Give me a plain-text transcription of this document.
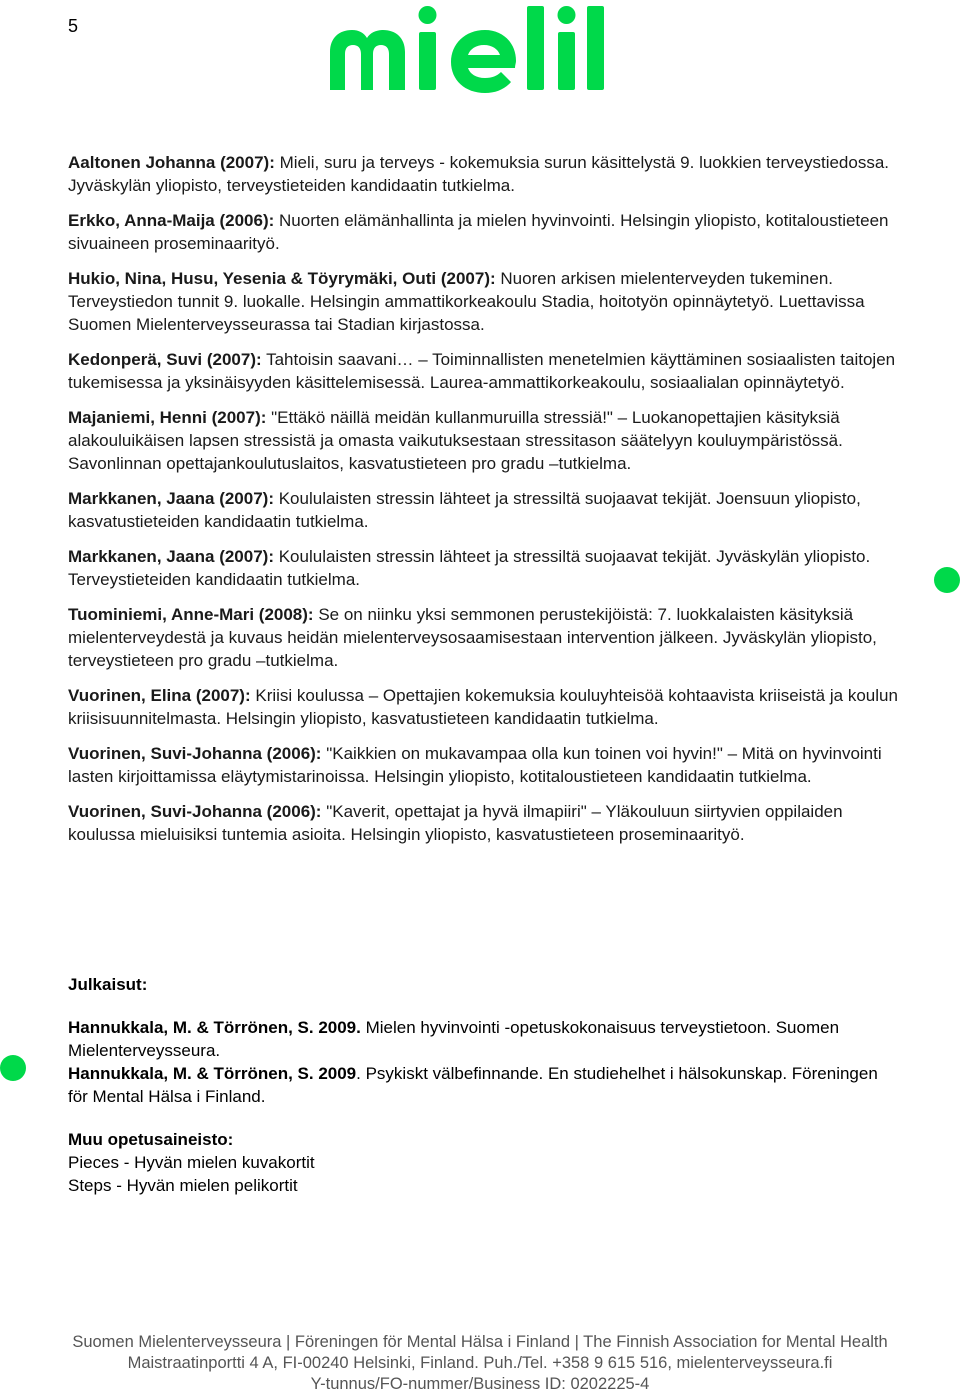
5

Aaltonen Johanna (2007): Mieli, suru ja terveys - kokemuksia surun käsittelystä 9. luokkien terveystiedossa. Jyväskylän yliopisto, terveystieteiden kandidaatin tutkielma.

Erkko, Anna-Maija (2006): Nuorten elämänhallinta ja mielen hyvinvointi. Helsingin yliopisto, kotitaloustieteen sivuaineen proseminaarityö.

Hukio, Nina, Husu, Yesenia & Töyrymäki, Outi (2007): Nuoren arkisen mielenterveyden tukeminen. Terveystiedon tunnit 9. luokalle. Helsingin ammattikorkeakoulu Stadia, hoitotyön opinnäytetyö. Luettavissa Suomen Mielenterveysseurassa tai Stadian kirjastossa.

Kedonperä, Suvi (2007): Tahtoisin saavani… – Toiminnallisten menetelmien käyttäminen sosiaalisten taitojen tukemisessa ja yksinäisyyden käsittelemisessä. Laurea-ammattikorkeakoulu, sosiaalialan opinnäytetyö.

Majaniemi, Henni (2007): "Ettäkö näillä meidän kullanmuruilla stressiä!" – Luokanopettajien käsityksiä alakouluikäisen lapsen stressistä ja omasta vaikutuksestaan stressitason säätelyyn kouluympäristössä. Savonlinnan opettajankoulutuslaitos, kasvatustieteen pro gradu –tutkielma.

Markkanen, Jaana (2007): Koululaisten stressin lähteet ja stressiltä suojaavat tekijät. Joensuun yliopisto, kasvatustieteiden kandidaatin tutkielma.

Markkanen, Jaana (2007): Koululaisten stressin lähteet ja stressiltä suojaavat tekijät. Jyväskylän yliopisto. Terveystieteiden kandidaatin tutkielma.

Tuominiemi, Anne-Mari (2008): Se on niinku yksi semmonen perustekijöistä: 7. luokkalaisten käsityksiä mielenterveydestä ja kuvaus heidän mielenterveysosaamisestaan intervention jälkeen. Jyväskylän yliopisto, terveystieteen pro gradu –tutkielma.

Vuorinen, Elina (2007): Kriisi koulussa – Opettajien kokemuksia kouluyhteisöä kohtaavista kriiseistä ja koulun kriisisuunnitelmasta. Helsingin yliopisto, kasvatustieteen kandidaatin tutkielma.

Vuorinen, Suvi-Johanna (2006): "Kaikkien on mukavampaa olla kun toinen voi hyvin!" – Mitä on hyvinvointi lasten kirjoittamissa eläytymistarinoissa. Helsingin yliopisto, kotitaloustieteen kandidaatin tutkielma.

Vuorinen, Suvi-Johanna (2006): "Kaverit, opettajat ja hyvä ilmapiiri" – Yläkouluun siirtyvien oppilaiden koulussa mieluisiksi tuntemia asioita. Helsingin yliopisto, kasvatustieteen proseminaarityö.

Julkaisut:

Hannukkala, M. & Törrönen, S. 2009. Mielen hyvinvointi -opetuskokonaisuus terveystietoon. Suomen Mielenterveysseura.
Hannukkala, M. & Törrönen, S. 2009. Psykiskt välbefinnande. En studiehelhet i hälsokunskap. Föreningen för Mental Hälsa i Finland.
Muu opetusaineisto:
Pieces - Hyvän mielen kuvakortit
Steps - Hyvän mielen pelikortit
Suomen Mielenterveysseura | Föreningen för Mental Hälsa i Finland | The Finnish Association for Mental Health
Maistraatinportti 4 A, FI-00240 Helsinki, Finland. Puh./Tel. +358 9 615 516, mielenterveysseura.fi
Y-tunnus/FO-nummer/Business ID: 0202225-4
